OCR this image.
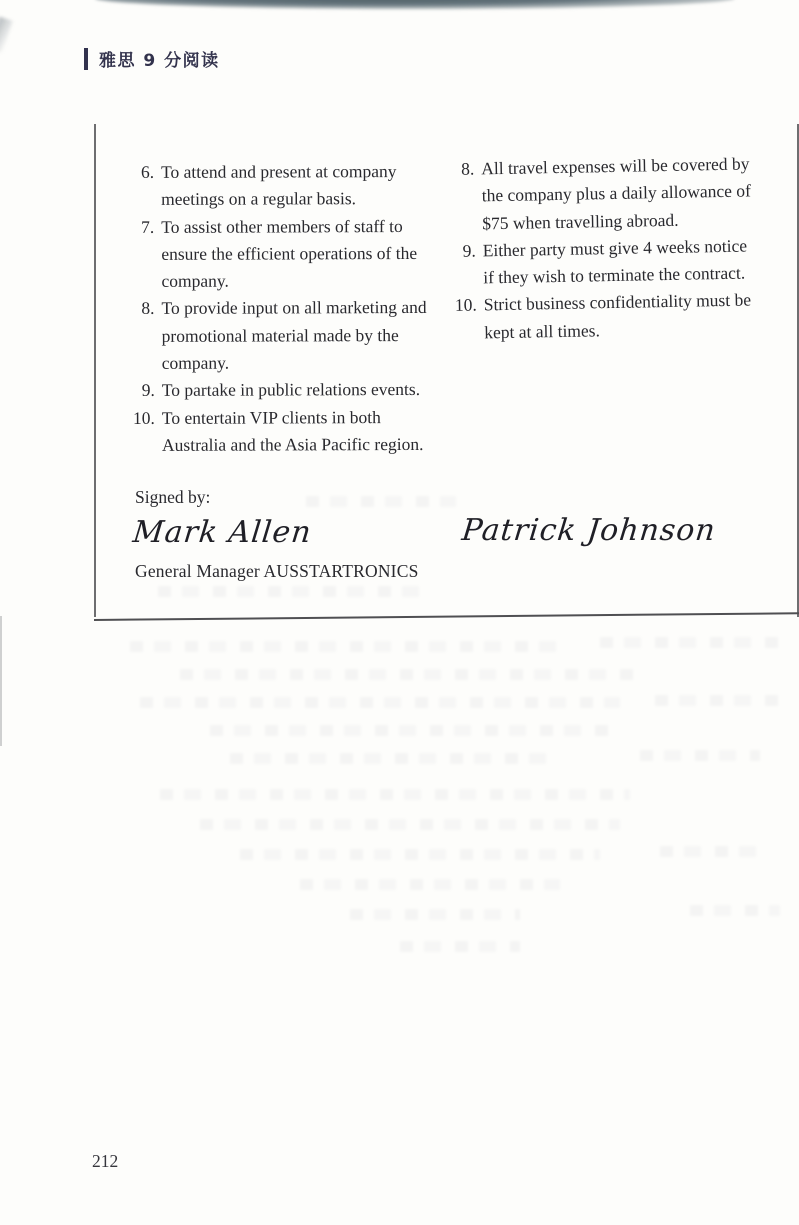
雅思 9 分阅读
6. To attend and present at company
meetings on a regular basis.
7. To assist other members of staff to
ensure the efficient operations of the
company.
8. To provide input on all marketing and
promotional material made by the
company.
9. To partake in public relations events.
10. To entertain VIP clients in both
Australia and the Asia Pacific region.
8. All travel expenses will be covered by
the company plus a daily allowance of
$75 when travelling abroad.
9. Either party must give 4 weeks notice
if they wish to terminate the contract.
10. Strict business confidentiality must be
kept at all times.
Signed by:
Mark Allen	Patrick Johnson
General Manager AUSSTARTRONICS
212
